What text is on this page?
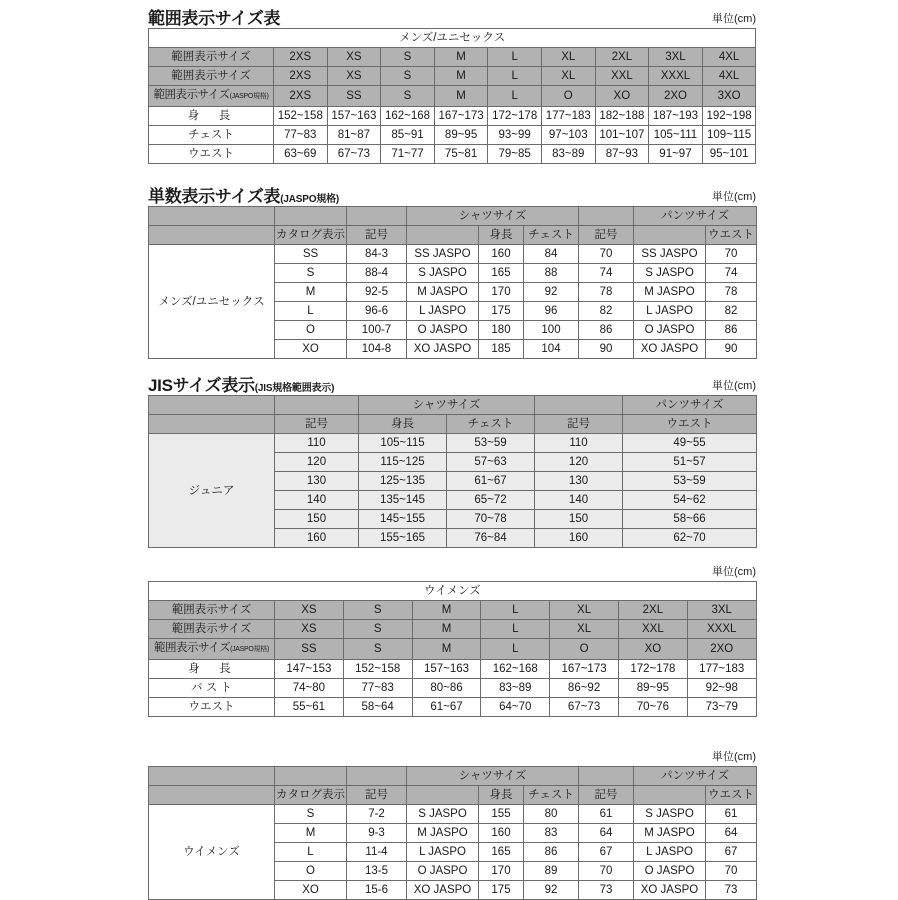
範囲表示サイズ表	単位(cm)
メンズ/ユニセックス									
範囲表示サイズ	2XS	XS	S	M	L	XL	2XL	3XL	4XL
範囲表示サイズ	2XS	XS	S	M	L	XL	XXL	XXXL	4XL
範囲表示サイズ(JASPO規格)	2XS	SS	S	M	L	O	XO	2XO	3XO
身　長	152~158	157~163	162~168	167~173	172~178	177~183	182~188	187~193	192~198
チェスト	77~83	81~87	85~91	89~95	93~99	97~103	101~107	105~111	109~115
ウエスト	63~69	67~73	71~77	75~81	79~85	83~89	87~93	91~97	95~101
単数表示サイズ表(JASPO規格)	単位(cm)
			シャツサイズ				パンツサイズ	
	カタログ表示	記号		身長	チェスト	記号		ウエスト
メンズ/ユニセックス	SS	84-3	SS JASPO	160	84	70	SS JASPO	70
	S	88-4	S JASPO	165	88	74	S JASPO	74
	M	92-5	M JASPO	170	92	78	M JASPO	78
	L	96-6	L JASPO	175	96	82	L JASPO	82
	O	100-7	O JASPO	180	100	86	O JASPO	86
	XO	104-8	XO JASPO	185	104	90	XO JASPO	90
JISサイズ表示(JIS規格範囲表示)	単位(cm)
		シャツサイズ			パンツサイズ
	記号	身長	チェスト	記号	ウエスト
ジュニア	110	105~115	53~59	110	49~55
	120	115~125	57~63	120	51~57
	130	125~135	61~67	130	53~59
	140	135~145	65~72	140	54~62
	150	145~155	70~78	150	58~66
	160	155~165	76~84	160	62~70
単位(cm)
ウイメンズ							
範囲表示サイズ	XS	S	M	L	XL	2XL	3XL
範囲表示サイズ	XS	S	M	L	XL	XXL	XXXL
範囲表示サイズ(JASPO規格)	SS	S	M	L	O	XO	2XO
身　長	147~153	152~158	157~163	162~168	167~173	172~178	177~183
バ ス ト	74~80	77~83	80~86	83~89	86~92	89~95	92~98
ウエスト	55~61	58~64	61~67	64~70	67~73	70~76	73~79
単位(cm)
			シャツサイズ				パンツサイズ	
	カタログ表示	記号		身長	チェスト	記号		ウエスト
ウイメンズ	S	7-2	S JASPO	155	80	61	S JASPO	61
	M	9-3	M JASPO	160	83	64	M JASPO	64
	L	11-4	L JASPO	165	86	67	L JASPO	67
	O	13-5	O JASPO	170	89	70	O JASPO	70
	XO	15-6	XO JASPO	175	92	73	XO JASPO	73
